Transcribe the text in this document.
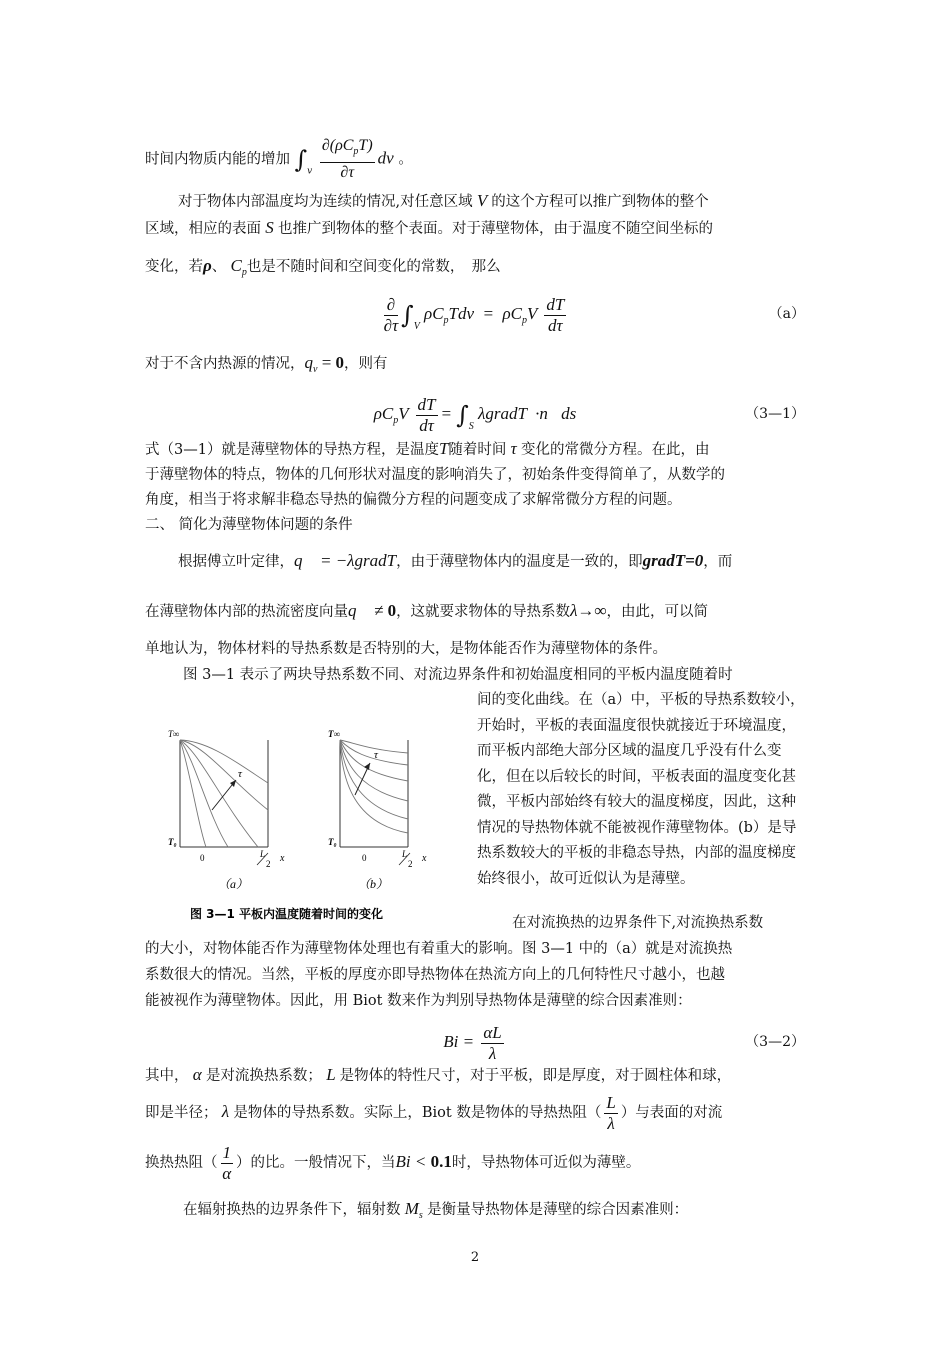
时间内物质内能的增加 $\int_v \frac{\partial(\rho C_pT)}{\partial\tau}$ dv 。
对于物体内部温度均为连续的情况,对任意区域 V 的这个方程可以推广到物体的整个
区域，相应的表面 S 也推广到物体的整个表面。对于薄壁物体，由于温度不随空间坐标的
变化，若ρ、 $C_p$也是不随时间和空间变化的常数，　那么
$\frac{\partial}{\partial\tau} \int_V$ $\rho C_pTdv = \rho C_pV \frac{dT}{d\tau}$	（a）
对于不含内热源的情况，$q_v = 0$，则有
$\rho C_pV \frac{dT}{d\tau} = \int_S$ λgradT  ·n⃗ds	（3—1）
式（3—1）就是薄壁物体的导热方程，是温度T随着时间 τ 变化的常微分方程。在此，由
于薄壁物体的特点，物体的几何形状对温度的影响消失了，初始条件变得简单了，从数学的
角度，相当于将求解非稳态导热的偏微分方程的问题变成了求解常微分方程的问题。
二、 简化为薄壁物体问题的条件
根据傅立叶定律，q⃗ = −λgradT，由于薄壁物体内的温度是一致的，即gradT=0，而
在薄壁物体内部的热流密度向量q⃗ ≠ 0，这就要求物体的导热系数λ→∞，由此，可以简
单地认为，物体材料的导热系数是否特别的大，是物体能否作为薄壁物体的条件。
图 3—1 表示了两块导热系数不同、对流边界条件和初始温度相同的平板内温度随着时
间的变化曲线。在（a）中，平板的导热系数较小，开始时，平板的表面温度很快就接近于环境温度，而平板内部绝大部分区域的温度几乎没有什么变化，但在以后较长的时间，平板表面的温度变化甚微，平板内部始终有较大的温度梯度，因此，这种情况的导热物体就不能被视作薄壁物体。(b）是导热系数较大的平板的非稳态导热，内部的温度梯度始终很小，故可近似认为是薄壁。
τ
T∞
T₀
0	L
2 x
（a）
τ
T∞
T₀
0	L
2 x
（b）
图 3—1 平板内温度随着时间的变化
在对流换热的边界条件下,对流换热系数
的大小，对物体能否作为薄壁物体处理也有着重大的影响。图 3—1 中的（a）就是对流换热
系数很大的情况。当然，平板的厚度亦即导热物体在热流方向上的几何特性尺寸越小，也越
能被视作为薄壁物体。因此，用 Biot 数来作为判别导热物体是薄壁的综合因素准则：
$Bi = \frac{\alpha L}{\lambda}$	（3—2）
其中， α 是对流换热系数； L 是物体的特性尺寸，对于平板，即是厚度，对于圆柱体和球，
即是半径； λ 是物体的导热系数。实际上，Biot 数是物体的导热热阻（ $\frac{L}{\lambda}$ ）与表面的对流
换热热阻（ $\frac{1}{\alpha}$ ）的比。一般情况下，当Bi < 0.1时，导热物体可近似为薄壁。
在辐射换热的边界条件下，辐射数 $M_s$ 是衡量导热物体是薄壁的综合因素准则：
2
